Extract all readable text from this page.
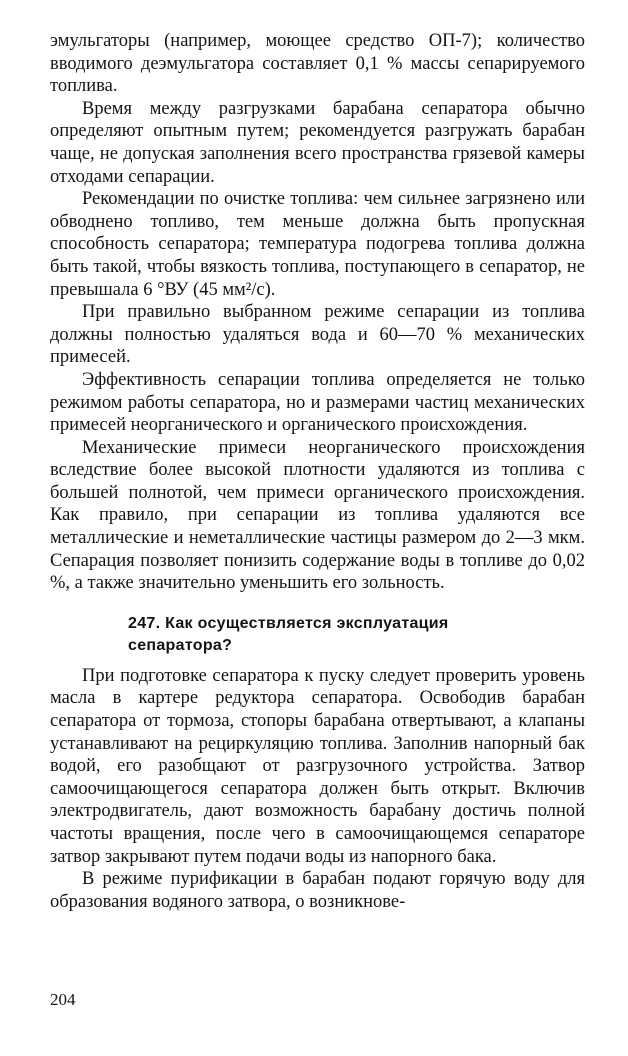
эмульгаторы (например, моющее средство ОП-7); количество вводимого деэмульгатора составляет 0,1 % массы сепарируемого топлива.

Время между разгрузками барабана сепаратора обычно определяют опытным путем; рекомендуется разгружать барабан чаще, не допуская заполнения всего пространства грязевой камеры отходами сепарации.

Рекомендации по очистке топлива: чем сильнее загрязнено или обводнено топливо, тем меньше должна быть пропускная способность сепаратора; температура подогрева топлива должна быть такой, чтобы вязкость топлива, поступающего в сепаратор, не превышала 6 °ВУ (45 мм²/с).

При правильно выбранном режиме сепарации из топлива должны полностью удаляться вода и 60—70 % механических примесей.

Эффективность сепарации топлива определяется не только режимом работы сепаратора, но и размерами частиц механических примесей неорганического и органического происхождения.

Механические примеси неорганического происхождения вследствие более высокой плотности удаляются из топлива с большей полнотой, чем примеси органического происхождения. Как правило, при сепарации из топлива удаляются все металлические и неметаллические частицы размером до 2—3 мкм. Сепарация позволяет понизить содержание воды в топливе до 0,02 %, а также значительно уменьшить его зольность.

247. Как осуществляется эксплуатация
сепаратора?

При подготовке сепаратора к пуску следует проверить уровень масла в картере редуктора сепаратора. Освободив барабан сепаратора от тормоза, стопоры барабана отвертывают, а клапаны устанавливают на рециркуляцию топлива. Заполнив напорный бак водой, его разобщают от разгрузочного устройства. Затвор самоочищающегося сепаратора должен быть открыт. Включив электродвигатель, дают возможность барабану достичь полной частоты вращения, после чего в самоочищающемся сепараторе затвор закрывают путем подачи воды из напорного бака.

В режиме пурификации в барабан подают горячую воду для образования водяного затвора, о возникнове-

204
